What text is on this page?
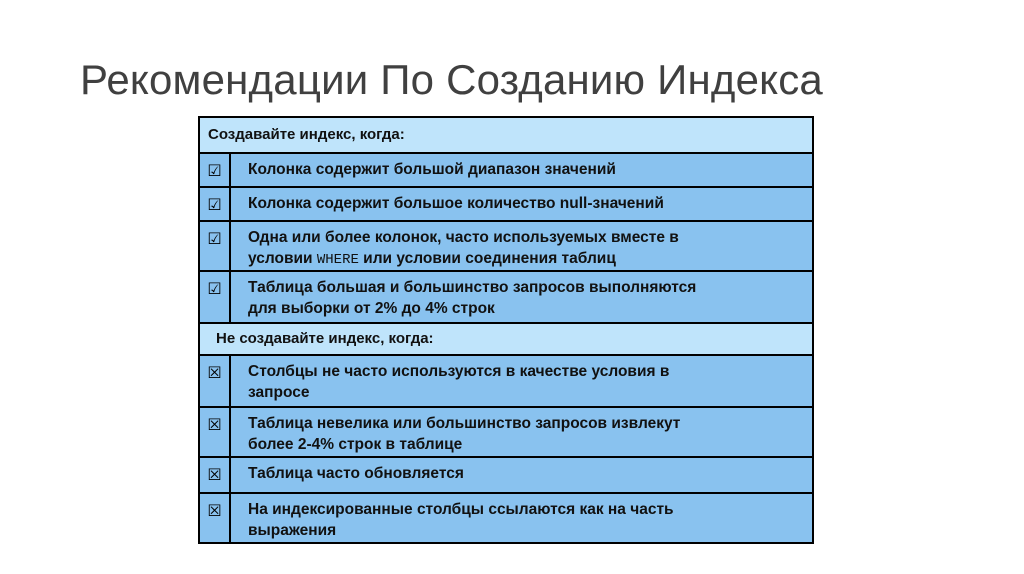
Рекомендации По Созданию Индекса
Создавайте индекс, когда:
☑ Колонка содержит большой диапазон значений
☑ Колонка содержит большое количество null-значений
☑ Одна или более колонок, часто используемых вместе в
условии WHERE или условии соединения таблиц
☑ Таблица большая и большинство запросов выполняются
для выборки от 2% до 4% строк
Не создавайте индекс, когда:
☒ Столбцы не часто используются в качестве условия в
запросе
☒ Таблица невелика или большинство запросов извлекут
более 2-4% строк в таблице
☒ Таблица часто обновляется
☒ На индексированные столбцы ссылаются как на часть
выражения
